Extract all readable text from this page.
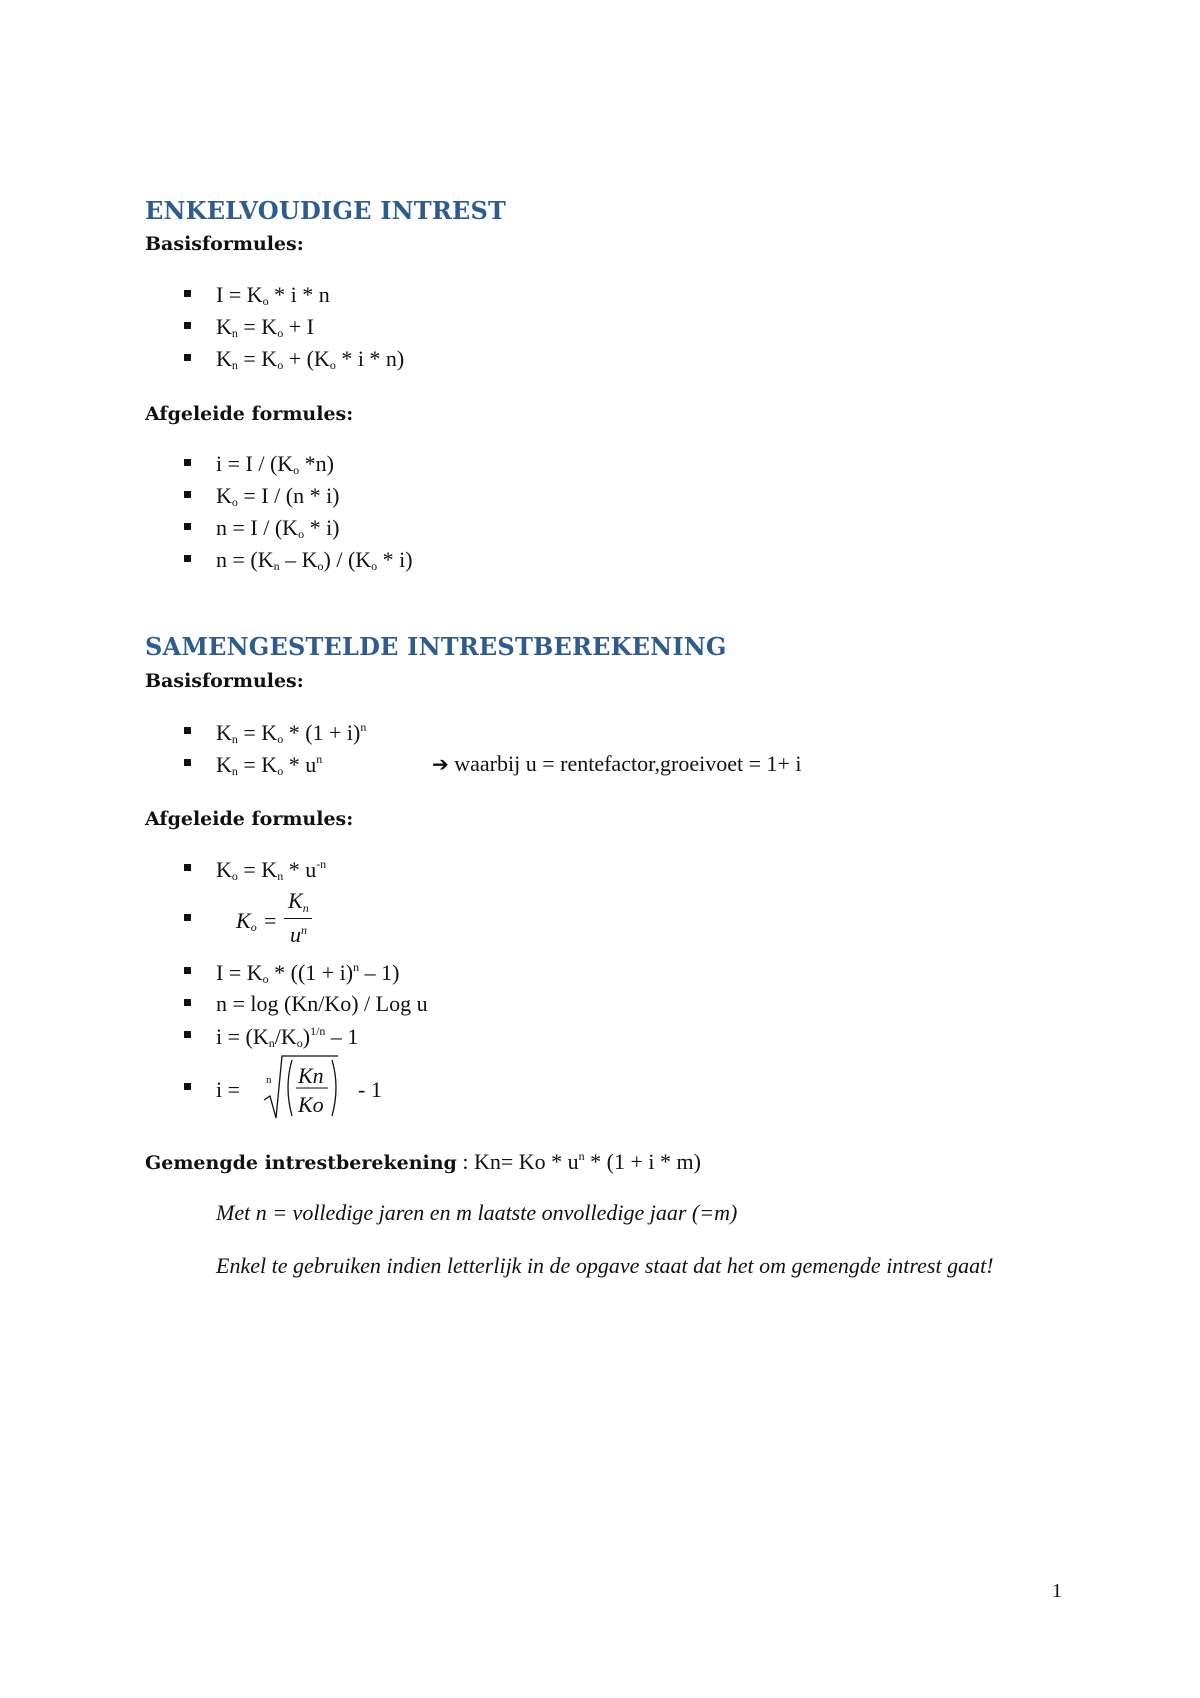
ENKELVOUDIGE INTREST
Basisformules:
$I = K_o * i * n$
$K_n = K_o + I$
$K_n = K_o + (K_o * i * n)$
Afgeleide formules:
$i = I / (K_o$ *n)
$K_o = I / (n * i)$
$n = I / (K_o * i)$
$n = (K_n - K_o) / (K_o * i)$
SAMENGESTELDE INTRESTBEREKENING
Basisformules:
$K_n = K_o * (1 + i)^n$
$K_n = K_o * u^n$	➔ waarbij u = rentefactor,groeivoet = 1+ i
Afgeleide formules:
$K_o = K_n * u^{-n}$
$K_o$ =
$K_n$
$u^n$
$I = K_o * ((1 + i)^n - 1)$
n = log (Kn/Ko) / Log u
$i = (K_n/K_o)^{1/n} - 1$
i = n Kn
Ko
- 1
Gemengde intrestberekening : $Kn= Ko * u^n * (1 + i * m)$

Met n = volledige jaren en m laatste onvolledige jaar (=m)

Enkel te gebruiken indien letterlijk in de opgave staat dat het om gemengde intrest gaat!

1
